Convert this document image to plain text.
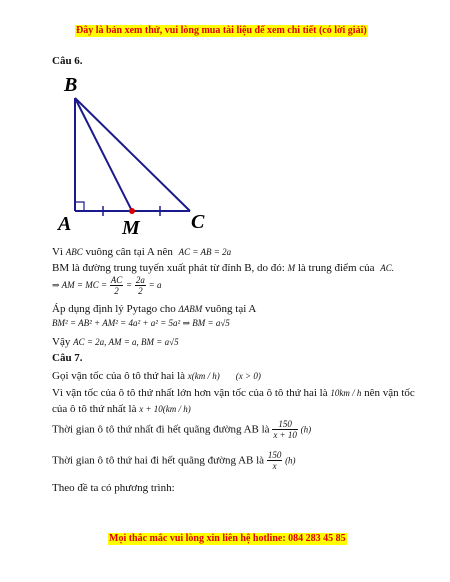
Đây là bản xem thử, vui lòng mua tài liệu để xem chi tiết (có lời giải)
Câu 6.
B
A	M	C
Vì ABC vuông cân tại A nên AC = AB = 2a
BM là đường trung tuyến xuất phát từ đỉnh B, do đó: M là trung điểm của AC.
⇒ AM = MC = $\frac{AC}{2} = \frac{2a}{2} = a$
Áp dụng định lý Pytago cho ΔABM vuông tại A
BM² = AB² + AM² = 4a² + a² = 5a² ⇒ BM = a√5
Vậy AC = 2a, AM = a, BM = a√5
Câu 7.
Gọi vận tốc của ô tô thứ hai là x(km / h) (x > 0)
Vì vận tốc của ô tô thứ nhất lớn hơn vận tốc của ô tô thứ hai là 10km / h nên vận tốc
của ô tô thứ nhất là x + 10(km / h)
Thời gian ô tô thứ nhất đi hết quãng đường AB là $\frac{150}{x + 10} (h)$
Thời gian ô tô thứ hai đi hết quãng đường AB là $\frac{150}{x} (h)$
Theo đề ta có phương trình:
Mọi thắc mắc vui lòng xin liên hệ hotline: 084 283 45 85
